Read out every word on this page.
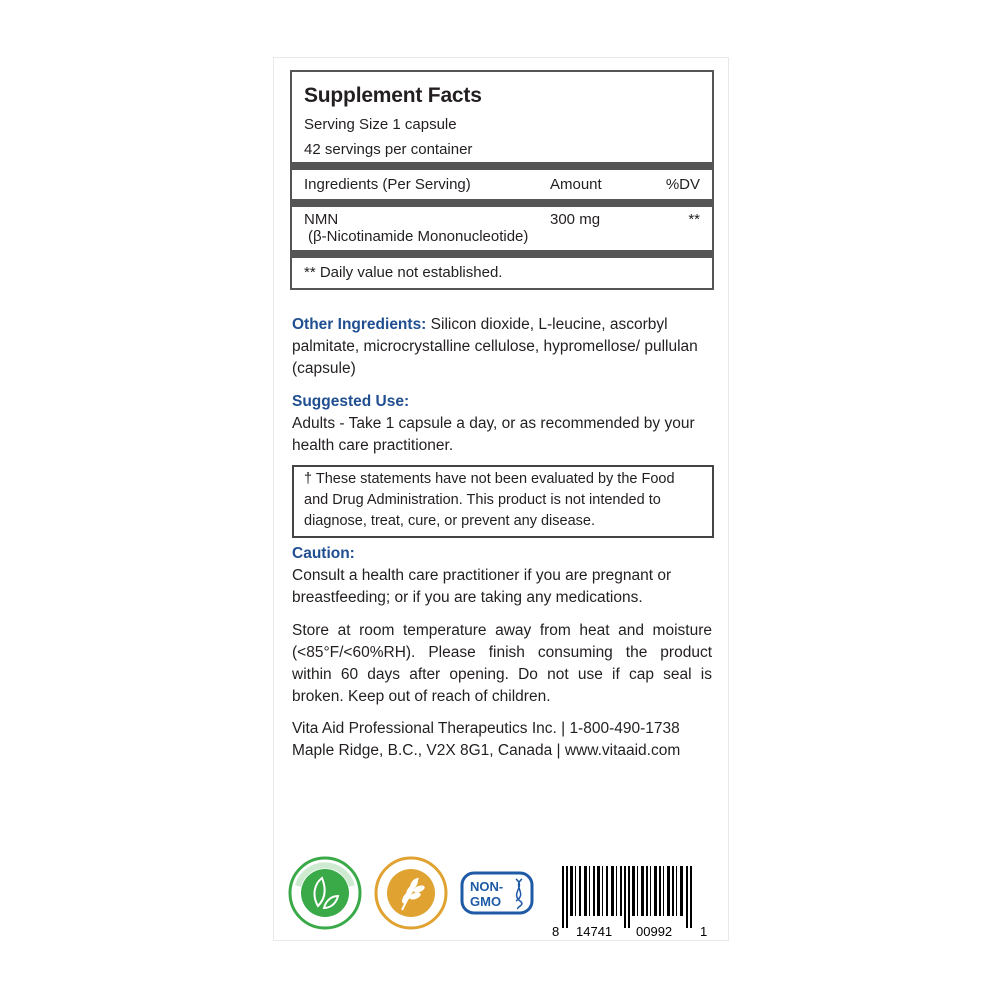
Supplement Facts
Serving Size 1 capsule
42 servings per container
Ingredients (Per Serving)	Amount	%DV
NMN
(β-Nicotinamide Mononucleotide)
300 mg	**
** Daily value not established.
Other Ingredients: Silicon dioxide, L-leucine, ascorbyl palmitate, microcrystalline cellulose, hypromellose/ pullulan (capsule)
Suggested Use:
Adults - Take 1 capsule a day, or as recommended by your health care practitioner.
† These statements have not been evaluated by the Food and Drug Administration. This product is not intended to diagnose, treat, cure, or prevent any disease.
Caution:
Consult a health care practitioner if you are pregnant or breastfeeding; or if you are taking any medications.
Store at room temperature away from heat and moisture (<85°F/<60%RH). Please finish consuming the product within 60 days after opening. Do not use if cap seal is broken. Keep out of reach of children.
Vita Aid Professional Therapeutics Inc. | 1-800-490-1738
Maple Ridge, B.C., V2X 8G1, Canada | www.vitaaid.com
NON-
GMO
8 14741 00992 1
